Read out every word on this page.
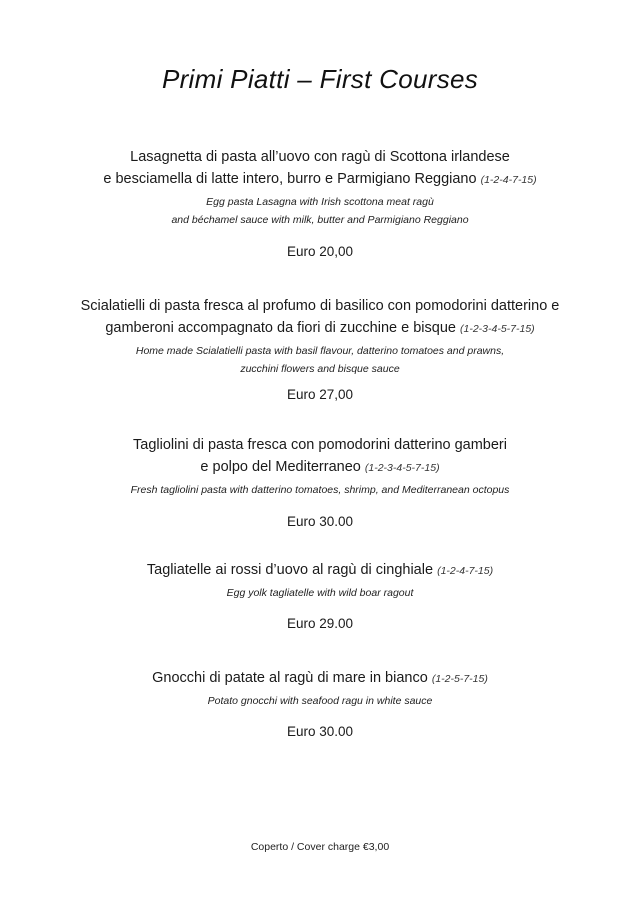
Primi Piatti – First Courses
Lasagnetta di pasta all’uovo con ragù di Scottona irlandese
e besciamella di latte intero, burro e Parmigiano Reggiano (1-2-4-7-15)
Egg pasta Lasagna with Irish scottona meat ragù
and béchamel sauce with milk, butter and Parmigiano Reggiano
Euro 20,00
Scialatielli di pasta fresca al profumo di basilico con pomodorini datterino e
gamberoni accompagnato da fiori di zucchine e bisque (1-2-3-4-5-7-15)
Home made Scialatielli pasta with basil flavour, datterino tomatoes and prawns,
zucchini flowers and bisque sauce
Euro 27,00
Tagliolini di pasta fresca con pomodorini datterino gamberi
e polpo del Mediterraneo (1-2-3-4-5-7-15)
Fresh tagliolini pasta with datterino tomatoes, shrimp, and Mediterranean octopus
Euro 30.00
Tagliatelle ai rossi d’uovo al ragù di cinghiale (1-2-4-7-15)
Egg yolk tagliatelle with wild boar ragout
Euro 29.00
Gnocchi di patate al ragù di mare in bianco (1-2-5-7-15)
Potato gnocchi with seafood ragu in white sauce
Euro 30.00
Coperto / Cover charge €3,00
